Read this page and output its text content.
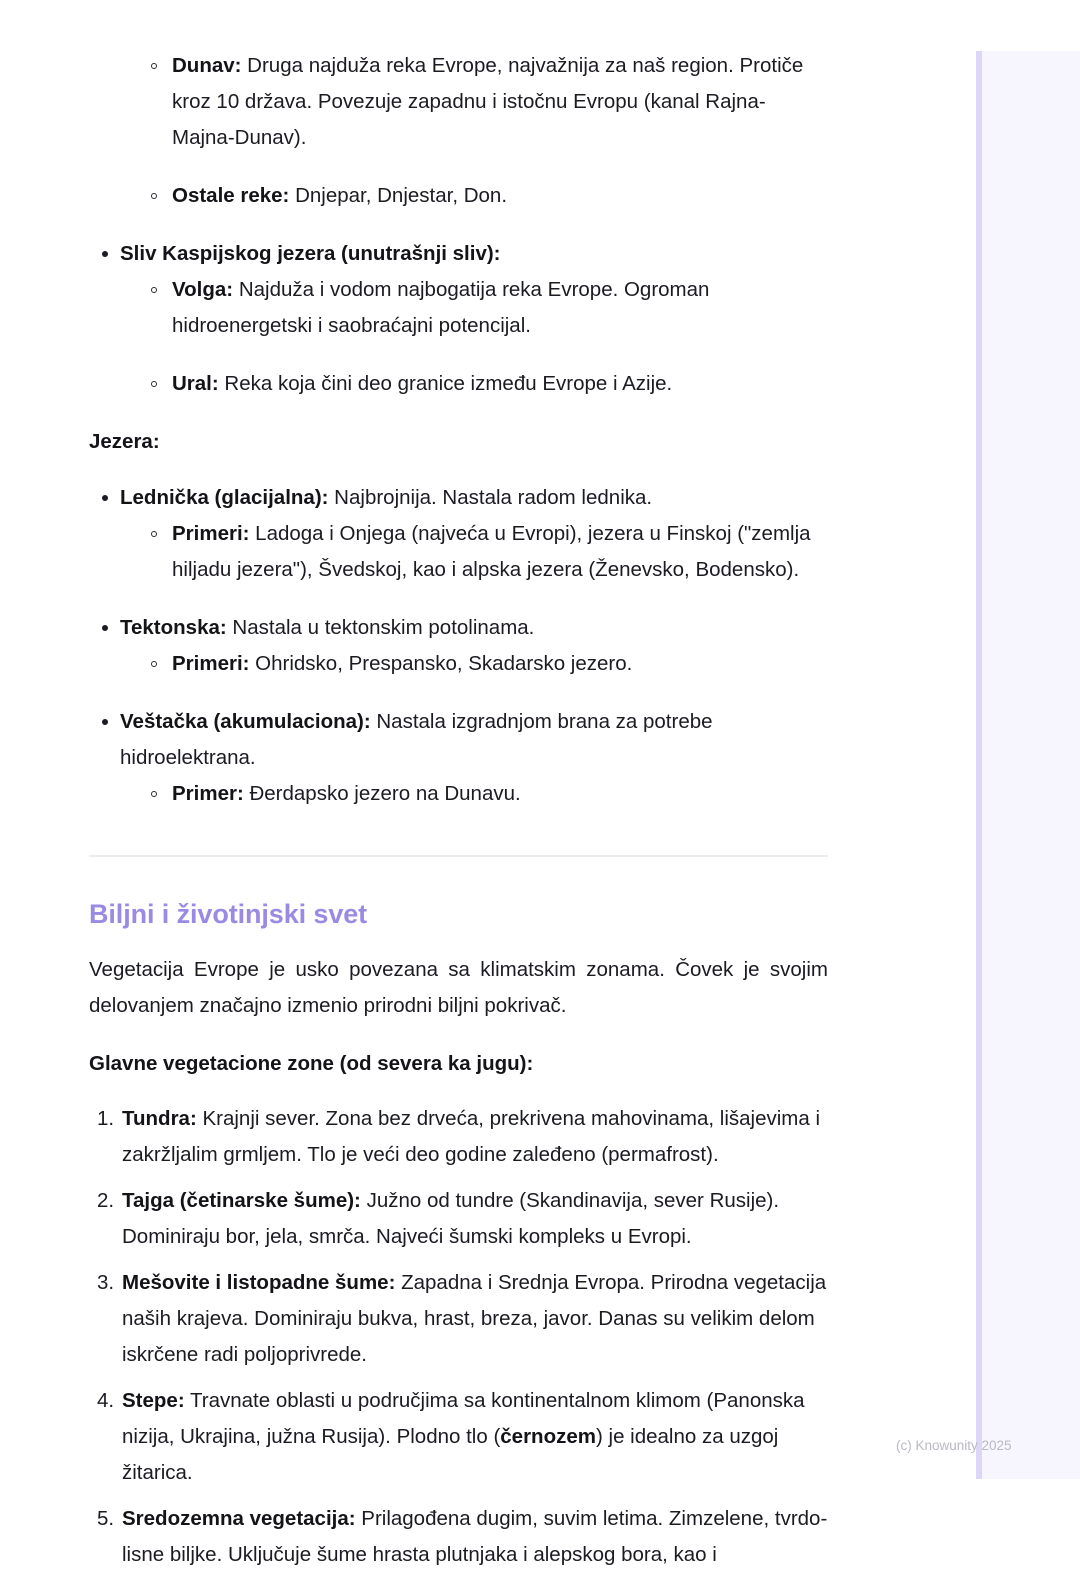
Dunav: Druga najduža reka Evrope, najvažnija za naš region. Protiče kroz 10 država. Povezuje zapadnu i istočnu Evropu (kanal Rajna-Majna-Dunav).
Ostale reke: Dnjepar, Dnjestar, Don.
Sliv Kaspijskog jezera (unutrašnji sliv):
Volga: Najduža i vodom najbogatija reka Evrope. Ogroman hidroenergetski i saobraćajni potencijal.
Ural: Reka koja čini deo granice između Evrope i Azije.

Jezera:

Lednička (glacijalna): Najbrojnija. Nastala radom lednika.
Primeri: Ladoga i Onjega (najveća u Evropi), jezera u Finskoj ("zemlja hiljadu jezera"), Švedskoj, kao i alpska jezera (Ženevsko, Bodensko).
Tektonska: Nastala u tektonskim potolinama.
Primeri: Ohridsko, Prespansko, Skadarsko jezero.
Veštačka (akumulaciona): Nastala izgradnjom brana za potrebe hidroelektrana.
Primer: Đerdapsko jezero na Dunavu.
Biljni i životinjski svet

Vegetacija Evrope je usko povezana sa klimatskim zonama. Čovek je svojim delovanjem značajno izmenio prirodni biljni pokrivač.

Glavne vegetacione zone (od severa ka jugu):

1. Tundra: Krajnji sever. Zona bez drveća, prekrivena mahovinama, lišajevima i zakržljalim grmljem. Tlo je veći deo godine zaleđeno (permafrost).
2. Tajga (četinarske šume): Južno od tundre (Skandinavija, sever Rusije). Dominiraju bor, jela, smrča. Najveći šumski kompleks u Evropi.
3. Mešovite i listopadne šume: Zapadna i Srednja Evropa. Prirodna vegetacija naših krajeva. Dominiraju bukva, hrast, breza, javor. Danas su velikim delom iskrčene radi poljoprivrede.
4. Stepe: Travnate oblasti u područjima sa kontinentalnom klimom (Panonska nizija, Ukrajina, južna Rusija). Plodno tlo (černozem) je idealno za uzgoj žitarica.
5. Sredozemna vegetacija: Prilagođena dugim, suvim letima. Zimzelene, tvrdo-lisne biljke. Uključuje šume hrasta plutnjaka i alepskog bora, kao i
(c) Knowunity 2025
